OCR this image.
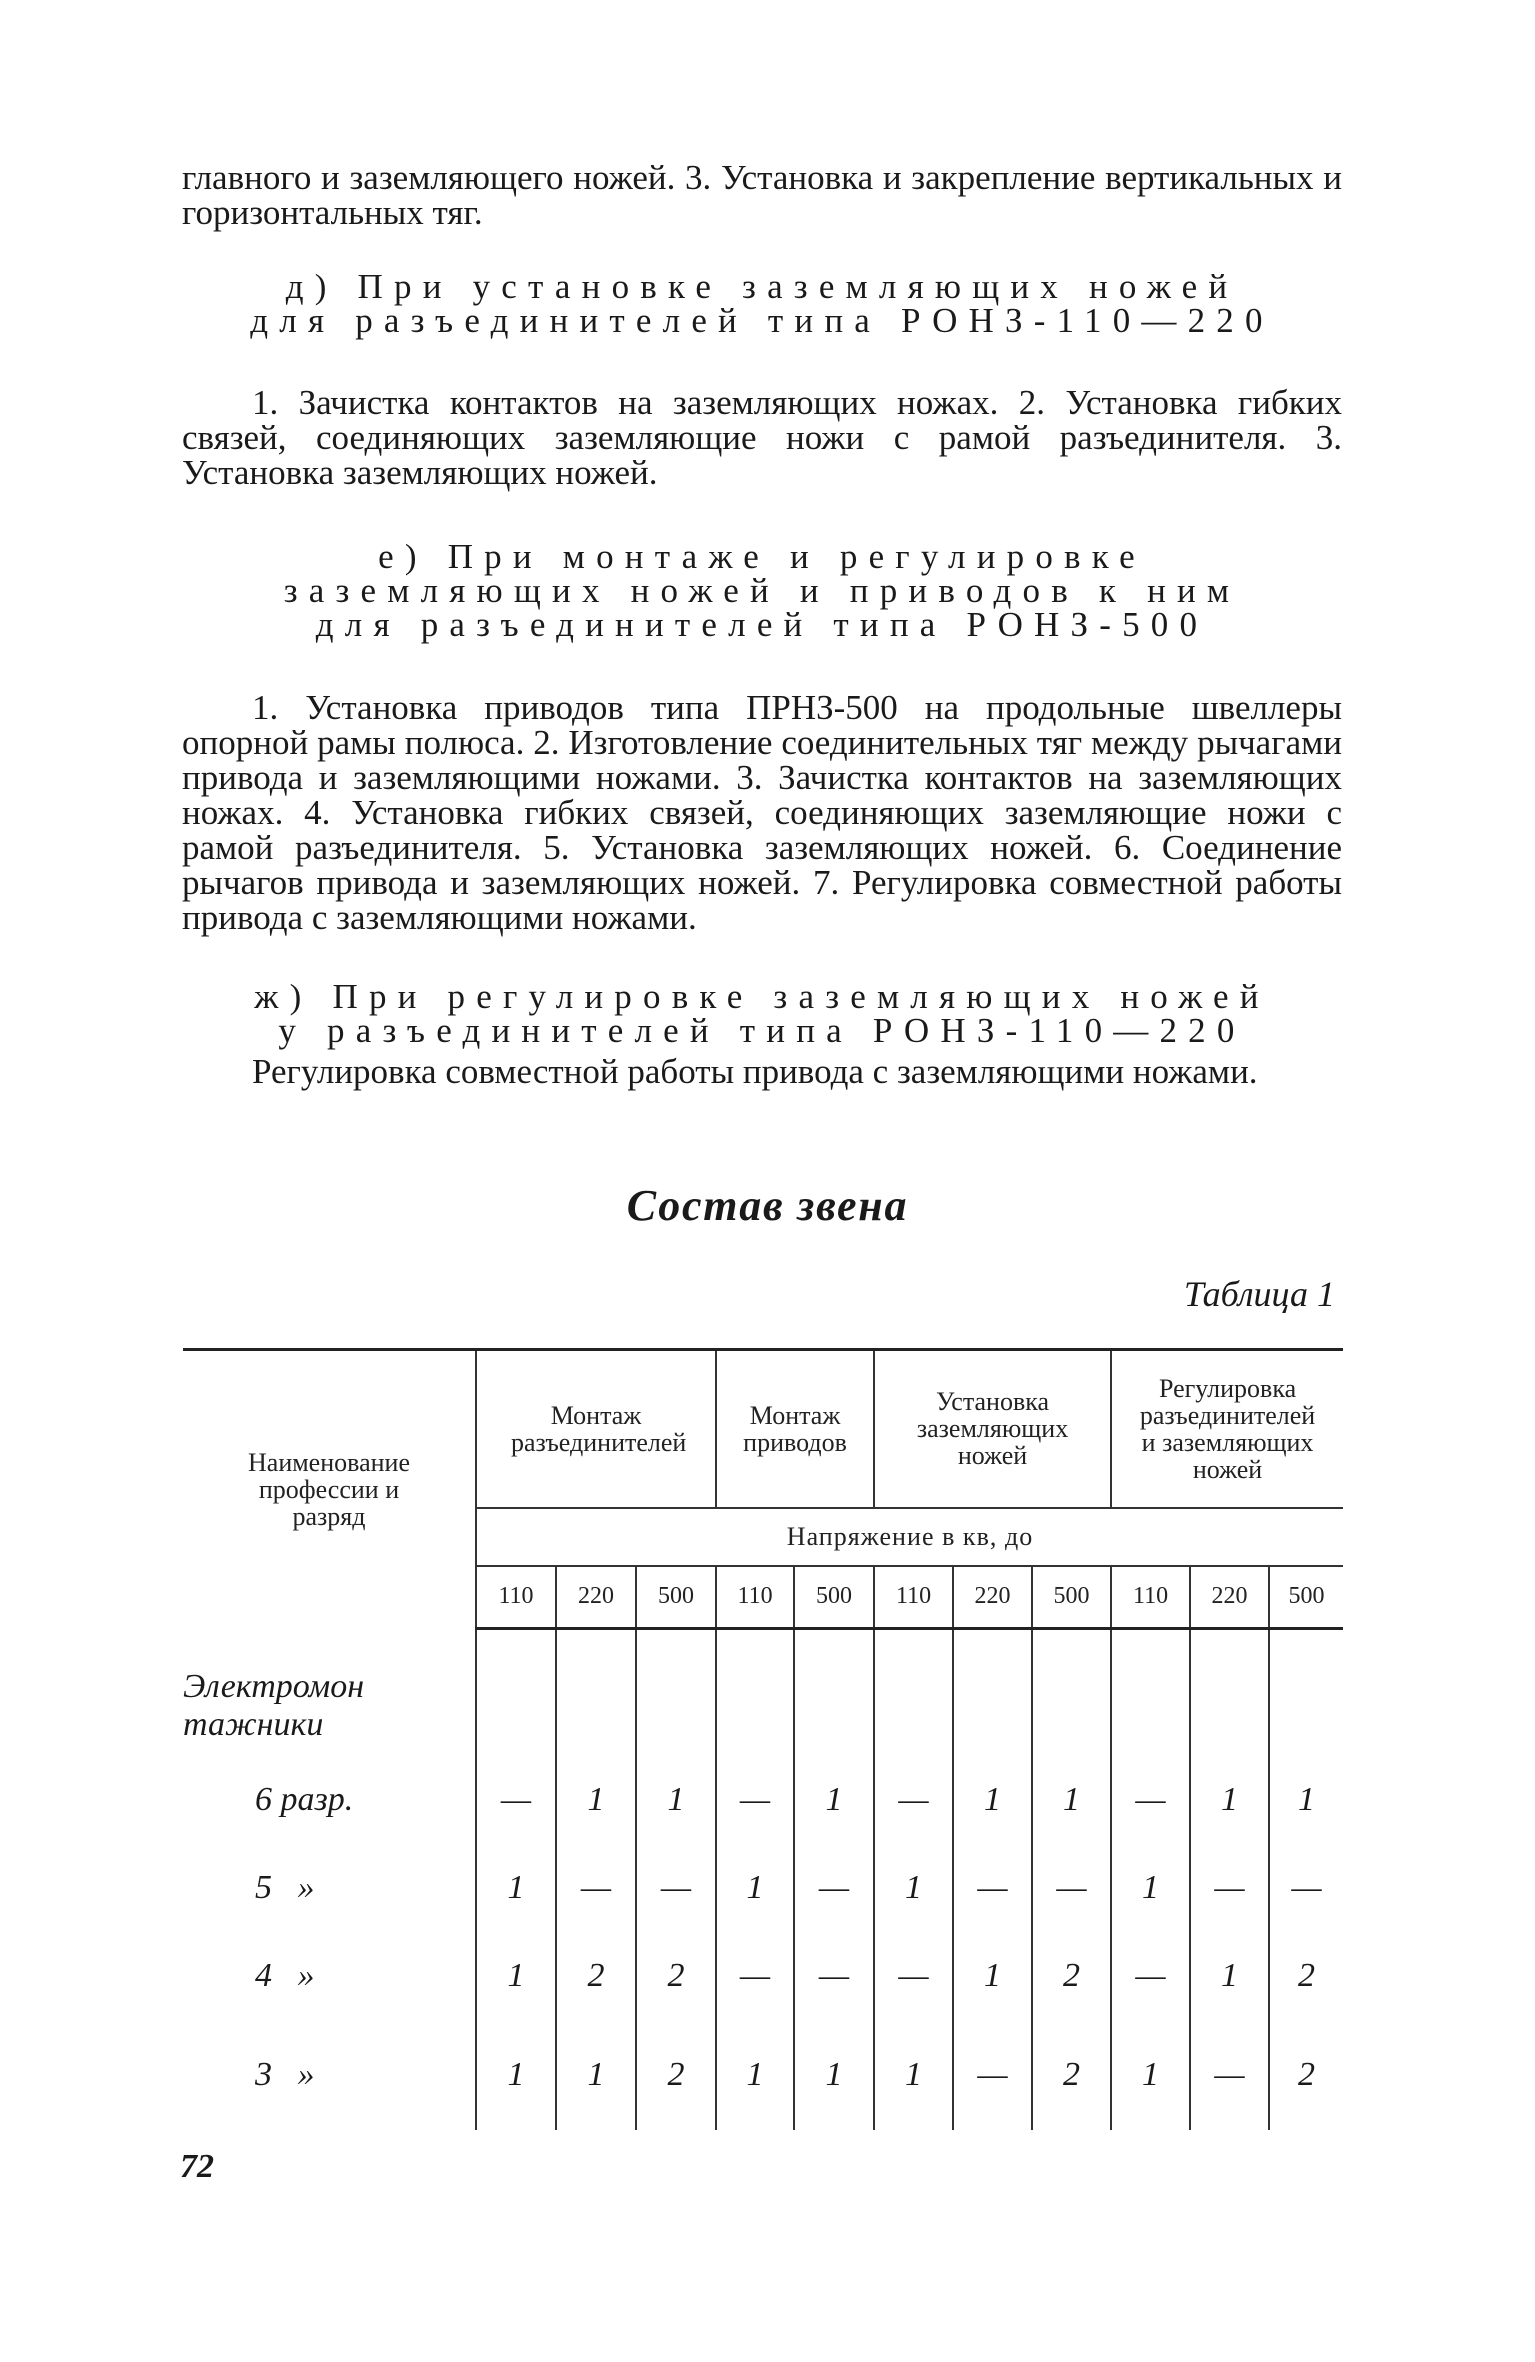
главного и заземляющего ножей. 3. Установка и закрепление вертикальных и горизонтальных тяг.

д) При установке заземляющих ножей
для разъединителей типа РОНЗ-110—220

1. Зачистка контактов на заземляющих ножах. 2. Установка гибких связей, соединяющих заземляющие ножи с рамой разъединителя. 3. Установка заземляющих ножей.

е) При монтаже и регулировке
заземляющих ножей и приводов к ним
для разъединителей типа РОНЗ-500

1. Установка приводов типа ПРНЗ-500 на продольные швеллеры опорной рамы полюса. 2. Изготовление соединительных тяг между рычагами привода и заземляющими ножами. 3. Зачистка контактов на заземляющих ножах. 4. Установка гибких связей, соединяющих заземляющие ножи с рамой разъединителя. 5. Установка заземляющих ножей. 6. Соединение рычагов привода и заземляющих ножей. 7. Регулировка совместной работы привода с заземляющими ножами.

ж) При регулировке заземляющих ножей
у разъединителей типа РОНЗ-110—220

Регулировка совместной работы привода с заземляющими ножами.

Состав звена

Таблица 1

Наименование профессии и разряд	Монтаж разъединителей			Монтаж приводов		Установка заземляющих ножей			Регулировка разъединителей и заземляющих ножей		
	Напряжение в кв, до										
	110	220	500	110	500	110	220	500	110	220	500

Электромонтажники											
6 разр.	—	1	1	—	1	—	1	1	—	1	1
5   »	1	—	—	1	—	1	—	—	1	—	—
4   »	1	2	2	—	—	—	1	2	—	1	2
3   »	1	1	2	1	1	1	—	2	1	—	2

72
